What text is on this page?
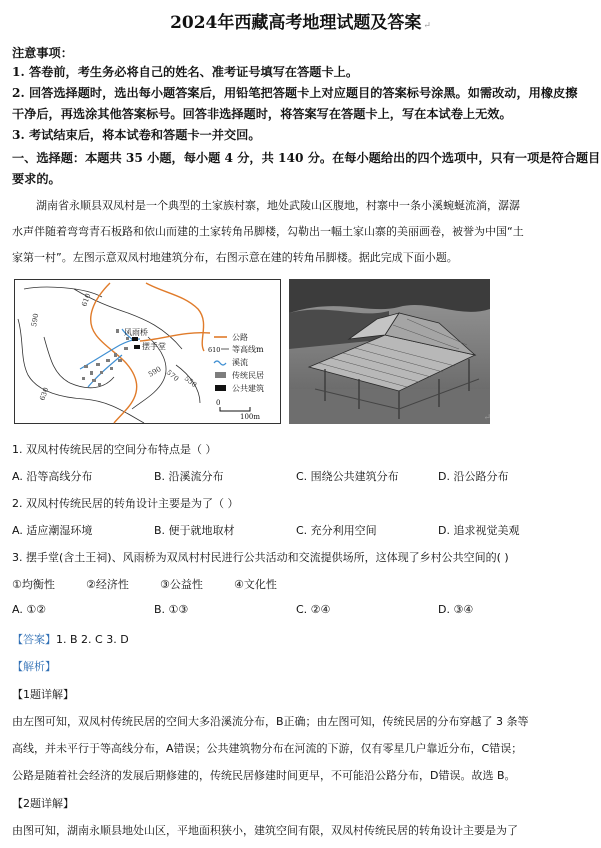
2024年西藏高考地理试题及答案 ↵
注意事项：
1. 答卷前，考生务必将自己的姓名、准考证号填写在答题卡上。
2. 回答选择题时，选出每小题答案后，用铅笔把答题卡上对应题目的答案标号涂黑。如需改动，用橡皮擦
干净后，再选涂其他答案标号。回答非选择题时，将答案写在答题卡上，写在本试卷上无效。
3. 考试结束后，将本试卷和答题卡一并交回。
一、选择题：本题共 35 小题，每小题 4 分，共 140 分。在每小题给出的四个选项中，只有一项是符合题目
要求的。
湖南省永顺县双凤村是一个典型的土家族村寨，地处武陵山区腹地，村寨中一条小溪蜿蜒流淌，潺潺
水声伴随着弯弯青石板路和依山而建的土家转角吊脚楼，勾勒出一幅土家山寨的美丽画卷，被誉为中国“土
家第一村”。左图示意双凤村地建筑分布，右图示意在建的转角吊脚楼。据此完成下面小题。
风雨桥
摆手堂
610
590
570 550
590
630
公路
610 等高线m
溪流
传统民居
公共建筑
0
100m	↵
1. 双凤村传统民居的空间分布特点是（ ）
A. 沿等高线分布	B. 沿溪流分布	C. 围绕公共建筑分布	D. 沿公路分布
2. 双凤村传统民居的转角设计主要是为了（ ）
A. 适应潮湿环境	B. 便于就地取材	C. 充分利用空间	D. 追求视觉美观
3. 摆手堂(含土王祠)、风雨桥为双凤村村民进行公共活动和交流提供场所，这体现了乡村公共空间的( )
①均衡性	②经济性	③公益性	④文化性
A. ①②	B. ①③	C. ②④	D. ③④
【答案】1. B 2. C 3. D
【解析】
【1题详解】
由左图可知，双凤村传统民居的空间大多沿溪流分布，B正确；由左图可知，传统民居的分布穿越了 3 条等
高线，并未平行于等高线分布，A错误；公共建筑物分布在河流的下游，仅有零星几户靠近分布，C错误；
公路是随着社会经济的发展后期修建的，传统民居修建时间更早，不可能沿公路分布，D错误。故选 B。
【2题详解】
由图可知，湖南永顺县地处山区，平地面积狭小，建筑空间有限，双凤村传统民居的转角设计主要是为了
